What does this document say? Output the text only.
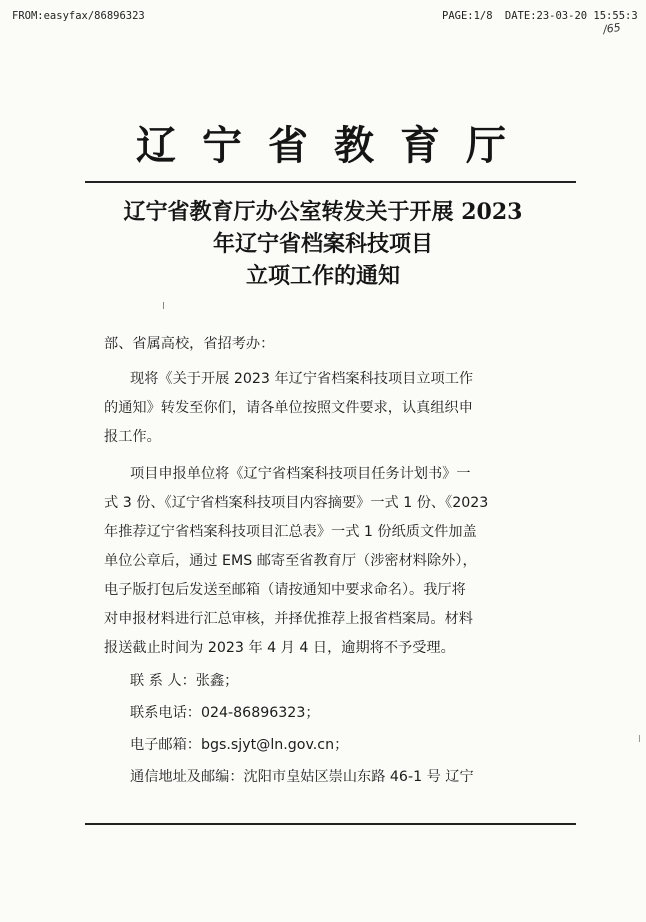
FROM:easyfax/86896323	PAGE:1/8 DATE:23-03-20 15:55:3
/65
辽宁省教育厅
辽宁省教育厅办公室转发关于开展 2023
年辽宁省档案科技项目
立项工作的通知

部、省属高校，省招考办：

现将《关于开展 2023 年辽宁省档案科技项目立项工作
的通知》转发至你们，请各单位按照文件要求，认真组织申
报工作。
项目申报单位将《辽宁省档案科技项目任务计划书》一
式 3 份、《辽宁省档案科技项目内容摘要》一式 1 份、《2023
年推荐辽宁省档案科技项目汇总表》一式 1 份纸质文件加盖
单位公章后，通过 EMS 邮寄至省教育厅（涉密材料除外），
电子版打包后发送至邮箱（请按通知中要求命名）。我厅将
对申报材料进行汇总审核，并择优推荐上报省档案局。材料
报送截止时间为 2023 年 4 月 4 日，逾期将不予受理。
联 系 人：张鑫；
联系电话：024-86896323；
电子邮箱：bgs.sjyt@ln.gov.cn；
通信地址及邮编：沈阳市皇姑区崇山东路 46-1 号 辽宁
